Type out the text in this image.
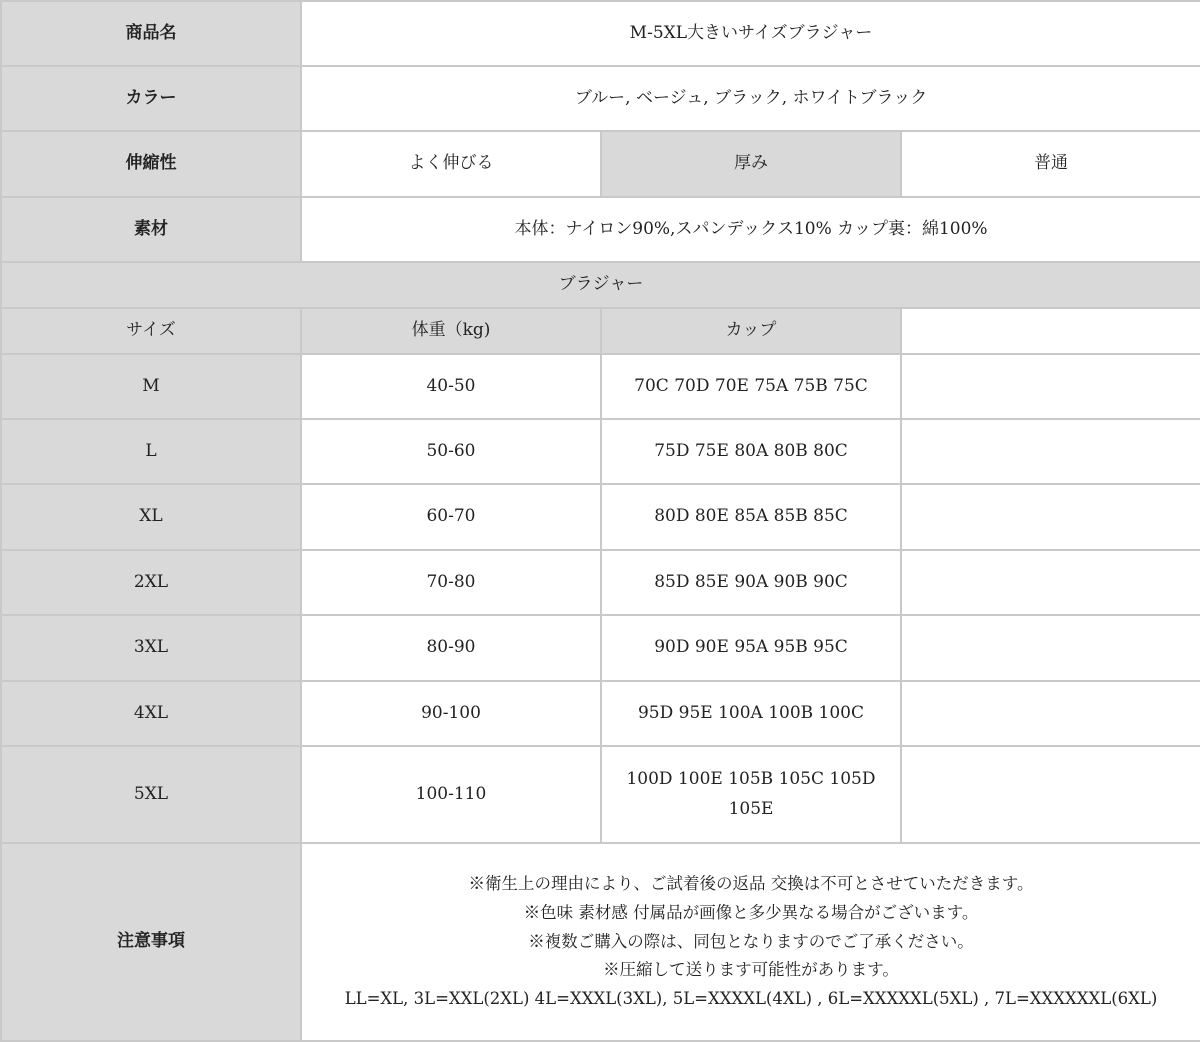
商品名	M-5XL大きいサイズブラジャー		
カラー	ブルー, ベージュ, ブラック, ホワイトブラック		
伸縮性	よく伸びる	厚み	普通
素材	本体：ナイロン90%,スパンデックス10% カップ裏：綿100%		
ブラジャー			
サイズ	体重（kg)	カップ	
M	40-50	70C 70D 70E 75A 75B 75C	
L	50-60	75D 75E 80A 80B 80C	
XL	60-70	80D 80E 85A 85B 85C	
2XL	70-80	85D 85E 90A 90B 90C	
3XL	80-90	90D 90E 95A 95B 95C	
4XL	90-100	95D 95E 100A 100B 100C	
5XL	100-110	100D 100E 105B 105C 105D 105E	

注意事項	※衛生上の理由により、ご試着後の返品 交換は不可とさせていただきます。
※色味 素材感 付属品が画像と多少異なる場合がございます。
※複数ご購入の際は、同包となりますのでご了承ください。
※圧縮して送ります可能性があります。
LL=XL, 3L=XXL(2XL) 4L=XXXL(3XL), 5L=XXXXL(4XL) , 6L=XXXXXL(5XL) , 7L=XXXXXXL(6XL)		
